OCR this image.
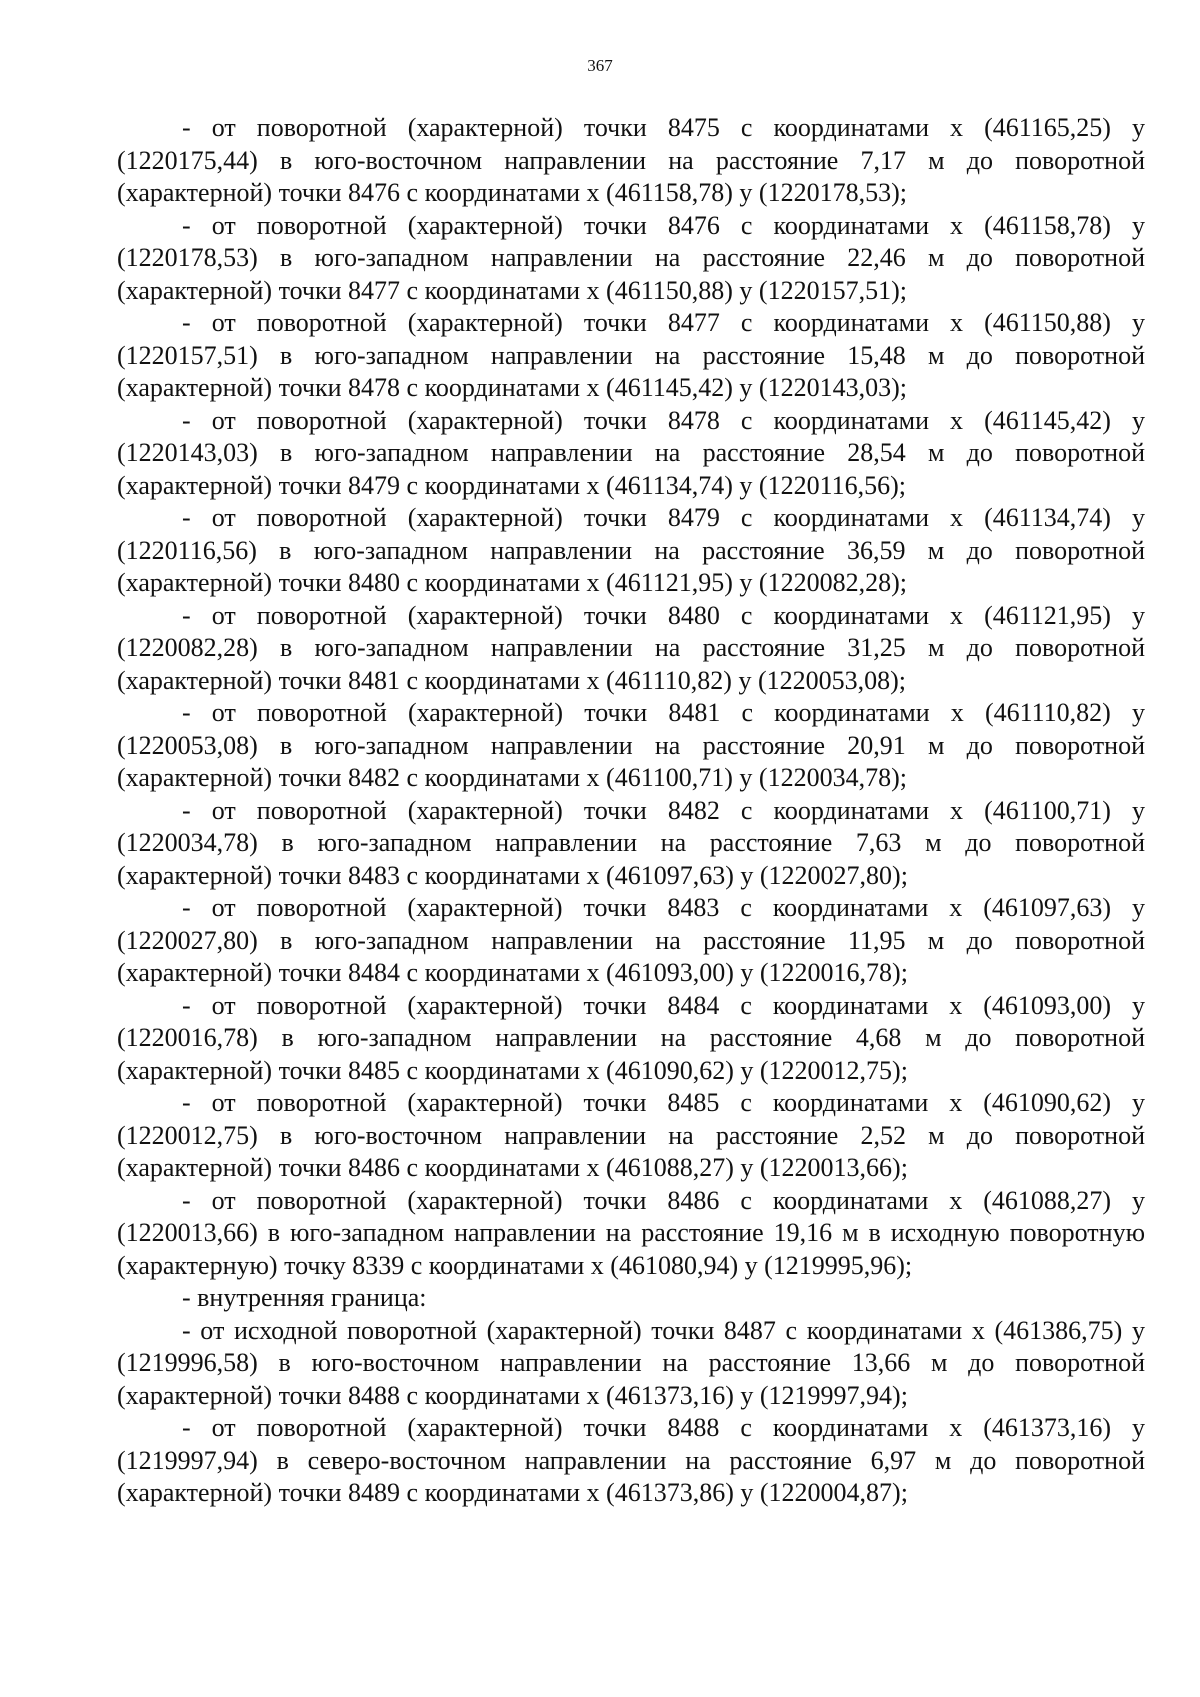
367

- от поворотной (характерной) точки 8475 с координатами х (461165,25) у (1220175,44) в юго-восточном направлении на расстояние 7,17 м до поворотной (характерной) точки 8476 с координатами х (461158,78) у (1220178,53);

- от поворотной (характерной) точки 8476 с координатами х (461158,78) у (1220178,53) в юго-западном направлении на расстояние 22,46 м до поворотной (характерной) точки 8477 с координатами х (461150,88) у (1220157,51);

- от поворотной (характерной) точки 8477 с координатами х (461150,88) у (1220157,51) в юго-западном направлении на расстояние 15,48 м до поворотной (характерной) точки 8478 с координатами х (461145,42) у (1220143,03);

- от поворотной (характерной) точки 8478 с координатами х (461145,42) у (1220143,03) в юго-западном направлении на расстояние 28,54 м до поворотной (характерной) точки 8479 с координатами х (461134,74) у (1220116,56);

- от поворотной (характерной) точки 8479 с координатами х (461134,74) у (1220116,56) в юго-западном направлении на расстояние 36,59 м до поворотной (характерной) точки 8480 с координатами х (461121,95) у (1220082,28);

- от поворотной (характерной) точки 8480 с координатами х (461121,95) у (1220082,28) в юго-западном направлении на расстояние 31,25 м до поворотной (характерной) точки 8481 с координатами х (461110,82) у (1220053,08);

- от поворотной (характерной) точки 8481 с координатами х (461110,82) у (1220053,08) в юго-западном направлении на расстояние 20,91 м до поворотной (характерной) точки 8482 с координатами х (461100,71) у (1220034,78);

- от поворотной (характерной) точки 8482 с координатами х (461100,71) у (1220034,78) в юго-западном направлении на расстояние 7,63 м до поворотной (характерной) точки 8483 с координатами х (461097,63) у (1220027,80);

- от поворотной (характерной) точки 8483 с координатами х (461097,63) у (1220027,80) в юго-западном направлении на расстояние 11,95 м до поворотной (характерной) точки 8484 с координатами х (461093,00) у (1220016,78);

- от поворотной (характерной) точки 8484 с координатами х (461093,00) у (1220016,78) в юго-западном направлении на расстояние 4,68 м до поворотной (характерной) точки 8485 с координатами х (461090,62) у (1220012,75);

- от поворотной (характерной) точки 8485 с координатами х (461090,62) у (1220012,75) в юго-восточном направлении на расстояние 2,52 м до поворотной (характерной) точки 8486 с координатами х (461088,27) у (1220013,66);

- от поворотной (характерной) точки 8486 с координатами х (461088,27) у (1220013,66) в юго-западном направлении на расстояние 19,16 м в исходную поворотную (характерную) точку 8339 с координатами х (461080,94) у (1219995,96);

- внутренняя граница:

- от исходной поворотной (характерной) точки 8487 с координатами х (461386,75) у (1219996,58) в юго-восточном направлении на расстояние 13,66 м до поворотной (характерной) точки 8488 с координатами х (461373,16) у (1219997,94);

- от поворотной (характерной) точки 8488 с координатами х (461373,16) у (1219997,94) в северо-восточном направлении на расстояние 6,97 м до поворотной (характерной) точки 8489 с координатами х (461373,86) у (1220004,87);
